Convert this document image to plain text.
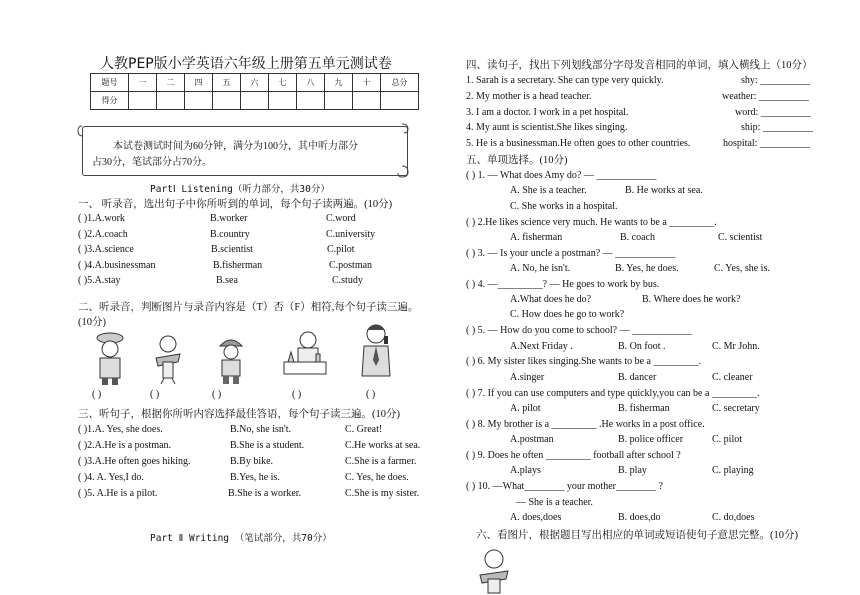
人教PEP版小学英语六年级上册第五单元测试卷
题号	一	二	四	五	六	七	八	九	十	总分
得分										
本试卷测试时间为60分钟，满分为100分，其中听力部分
占30分，笔试部分占70分。
PartⅠ Listening（听力部分，共30分）
一、 听录音，选出句子中你所听到的单词，每个句子读两遍。(10分)
( )1.A.work	B.worker	C.word
( )2.A.coach	B.country	C.university
( )3.A.science	B.scientist	C.pilot
( )4.A.businessman	B.fisherman	C.postman
( )5.A.stay	B.sea	C.study
二、听录音，判断图片与录音内容是（T）否（F）相符,每个句子读三遍。
(10分)
( )	( )	( )	( )	( )
三、听句子，根据你所听内容选择最佳答语，每个句子读三遍。(10分)
( )1.A. Yes, she does.	B.No, she isn't.	C. Great!
( )2.A.He is a postman.	B.She is a student.	C.He works at sea.
( )3.A.He often goes hiking.	B.By bike.	C.She is a farmer.
( )4. A. Yes,I do.	B.Yes, he is.	C. Yes, he does.
( )5. A.He is a pilot.	B.She is a worker.	C.She is my sister.
Part Ⅱ Writing （笔试部分，共70分）
四、读句子，找出下列划线部分字母发音相同的单词，填入横线上（10分）
1. Sarah is a secretary. She can type very quickly.	shy: __________
2. My mother is a head teacher.	weather: __________
3. I am a doctor. I work in a pet hospital.	word: __________
4. My aunt is scientist.She likes singing.	ship: __________
5. He is a businessman.He often goes to other countries.	hospital: __________
五、单项选择。(10分)
( ) 1. — What does Amy do? — ____________
A. She is a teacher.	B. He works at sea.
C. She works in a hospital.
( ) 2.He likes science very much. He wants to be a _________.
A. fisherman	B. coach	C. scientist
( ) 3. — Is your uncle a postman? — ____________
A. No, he isn't.	B. Yes, he does.	C. Yes, she is.
( ) 4. —_________? — He goes to work by bus.
A.What does he do?	B. Where does he work?
C. How does he go to work?
( ) 5. — How do you come to school? — ____________
A.Next Friday .	B. On foot .	C. Mr John.
( ) 6. My sister likes singing.She wants to be a _________.
A.singer	B. dancer	C. cleaner
( ) 7. If you can use computers and type quickly,you can be a _________.
A. pilot	B. fisherman	C. secretary
( ) 8. My brother is a _________ .He works in a post office.
A.postman	B. police officer	C. pilot
( ) 9. Does he often _________ football after school ?
A.plays	B. play	C. playing
( ) 10. —What________ your mother________ ?
— She is a teacher.
A. does,does	B. does,do	C. do,does
六、看图片，根据题目写出相应的单词或短语使句子意思完整。(10分)
